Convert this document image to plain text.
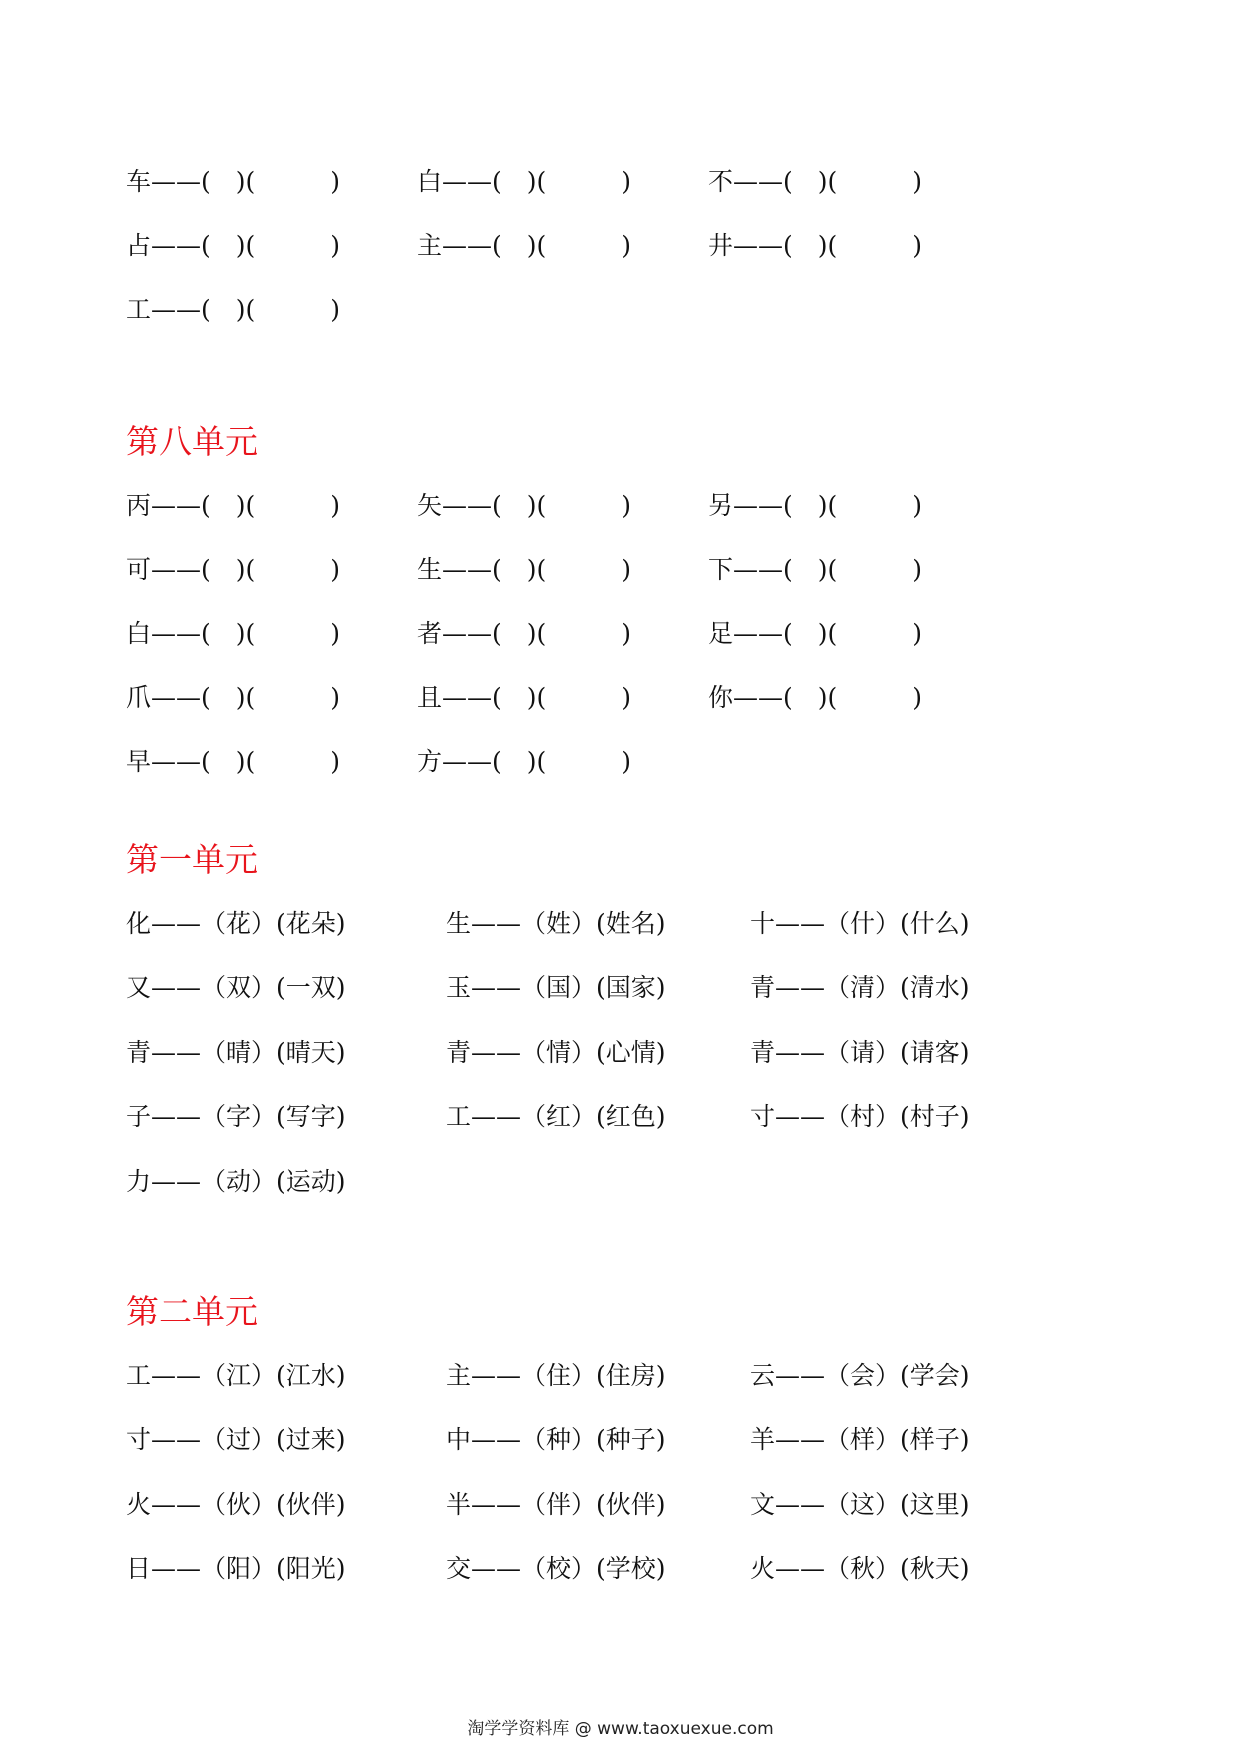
车——(　)(　　　)	白——(　)(　　　)	不——(　)(　　　)
占——(　)(　　　)	主——(　)(　　　)	井——(　)(　　　)
工——(　)(　　　)
第八单元
丙——(　)(　　　)	矢——(　)(　　　)	另——(　)(　　　)
可——(　)(　　　)	生——(　)(　　　)	下——(　)(　　　)
白——(　)(　　　)	者——(　)(　　　)	足——(　)(　　　)
爪——(　)(　　　)	且——(　)(　　　)	你——(　)(　　　)
早——(　)(　　　)	方——(　)(　　　)
第一单元
化——（花）(花朵)	生——（姓）(姓名)	十——（什）(什么)
又——（双）(一双)	玉——（国）(国家)	青——（清）(清水)
青——（晴）(晴天)	青——（情）(心情)	青——（请）(请客)
子——（字）(写字)	工——（红）(红色)	寸——（村）(村子)
力——（动）(运动)
第二单元
工——（江）(江水)	主——（住）(住房)	云——（会）(学会)
寸——（过）(过来)	中——（种）(种子)	羊——（样）(样子)
火——（伙）(伙伴)	半——（伴）(伙伴)	文——（这）(这里)
日——（阳）(阳光)	交——（校）(学校)	火——（秋）(秋天)
淘学学资料库 @ www.taoxuexue.com
